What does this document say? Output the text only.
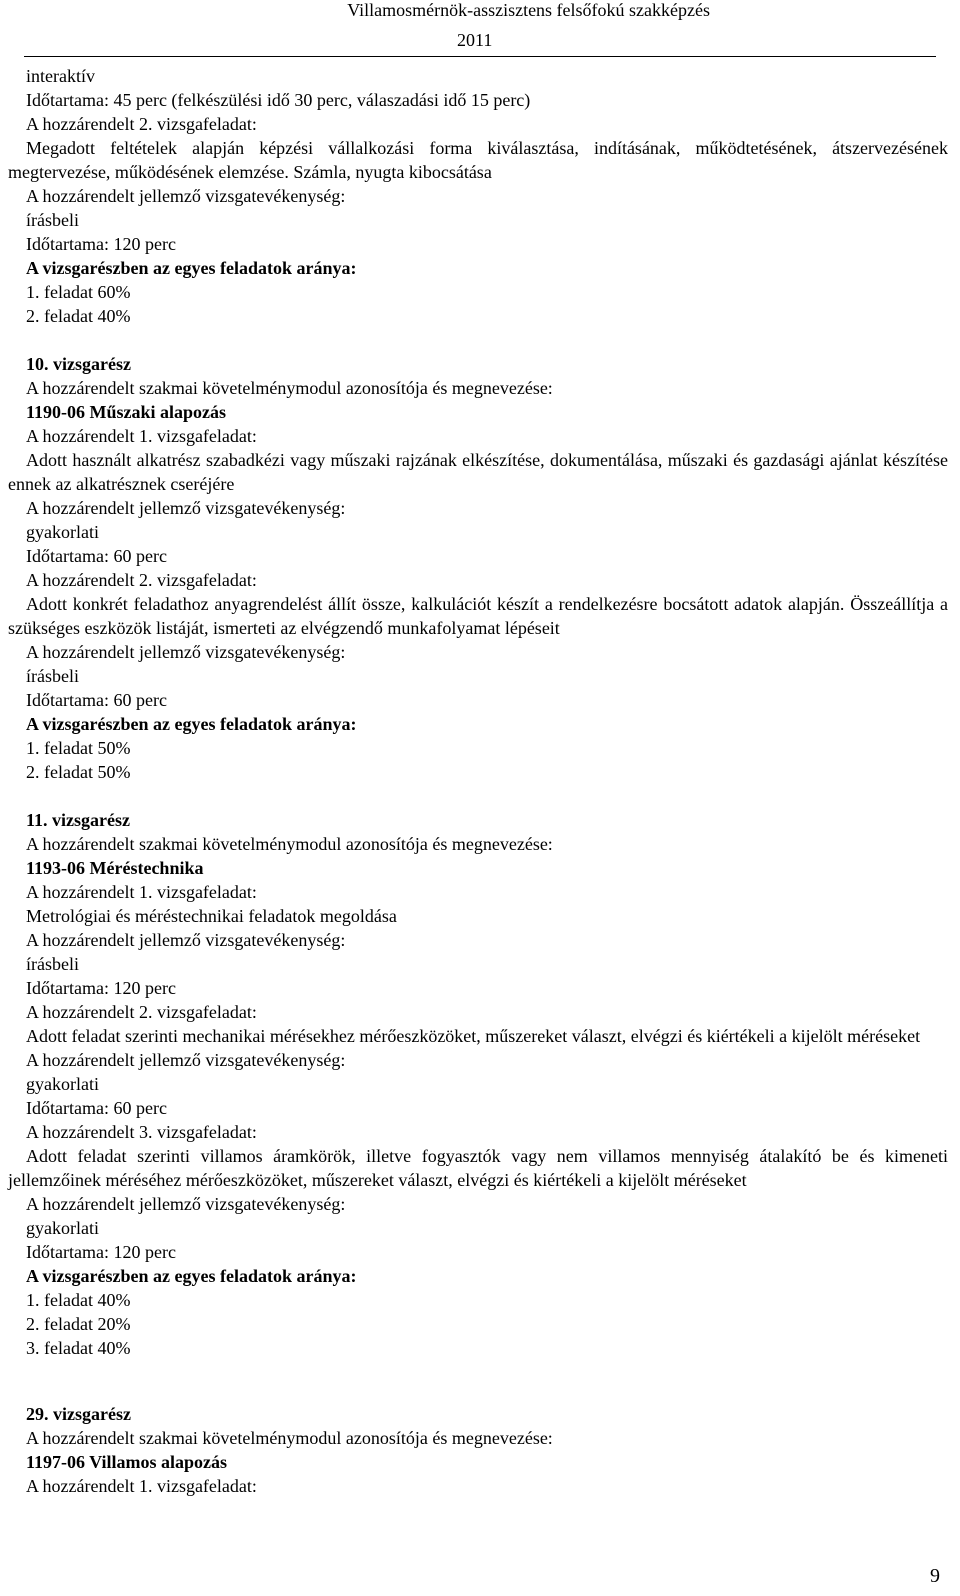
Villamosmérnök-asszisztens felsőfokú szakképzés
2011

interaktív

Időtartama: 45 perc (felkészülési idő 30 perc, válaszadási idő 15 perc)

A hozzárendelt 2. vizsgafeladat:

Megadott feltételek alapján képzési vállalkozási forma kiválasztása, indításának, működtetésének, átszervezésének megtervezése, működésének elemzése. Számla, nyugta kibocsátása

A hozzárendelt jellemző vizsgatevékenység:

írásbeli

Időtartama: 120 perc

A vizsgarészben az egyes feladatok aránya:

1. feladat 60%

2. feladat 40%

10. vizsgarész

A hozzárendelt szakmai követelménymodul azonosítója és megnevezése:

1190-06 Műszaki alapozás

A hozzárendelt 1. vizsgafeladat:

Adott használt alkatrész szabadkézi vagy műszaki rajzának elkészítése, dokumentálása, műszaki és gazdasági ajánlat készítése ennek az alkatrésznek cseréjére

A hozzárendelt jellemző vizsgatevékenység:

gyakorlati

Időtartama: 60 perc

A hozzárendelt 2. vizsgafeladat:

Adott konkrét feladathoz anyagrendelést állít össze, kalkulációt készít a rendelkezésre bocsátott adatok alapján. Összeállítja a szükséges eszközök listáját, ismerteti az elvégzendő munkafolyamat lépéseit

A hozzárendelt jellemző vizsgatevékenység:

írásbeli

Időtartama: 60 perc

A vizsgarészben az egyes feladatok aránya:

1. feladat 50%

2. feladat 50%

11. vizsgarész

A hozzárendelt szakmai követelménymodul azonosítója és megnevezése:

1193-06 Méréstechnika

A hozzárendelt 1. vizsgafeladat:

Metrológiai és méréstechnikai feladatok megoldása

A hozzárendelt jellemző vizsgatevékenység:

írásbeli

Időtartama: 120 perc

A hozzárendelt 2. vizsgafeladat:

Adott feladat szerinti mechanikai mérésekhez mérőeszközöket, műszereket választ, elvégzi és kiértékeli a kijelölt méréseket

A hozzárendelt jellemző vizsgatevékenység:

gyakorlati

Időtartama: 60 perc

A hozzárendelt 3. vizsgafeladat:

Adott feladat szerinti villamos áramkörök, illetve fogyasztók vagy nem villamos mennyiség átalakító be és kimeneti jellemzőinek méréséhez mérőeszközöket, műszereket választ, elvégzi és kiértékeli a kijelölt méréseket

A hozzárendelt jellemző vizsgatevékenység:

gyakorlati

Időtartama: 120 perc

A vizsgarészben az egyes feladatok aránya:

1. feladat 40%

2. feladat 20%

3. feladat 40%

29. vizsgarész

A hozzárendelt szakmai követelménymodul azonosítója és megnevezése:

1197-06 Villamos alapozás

A hozzárendelt 1. vizsgafeladat:

9
